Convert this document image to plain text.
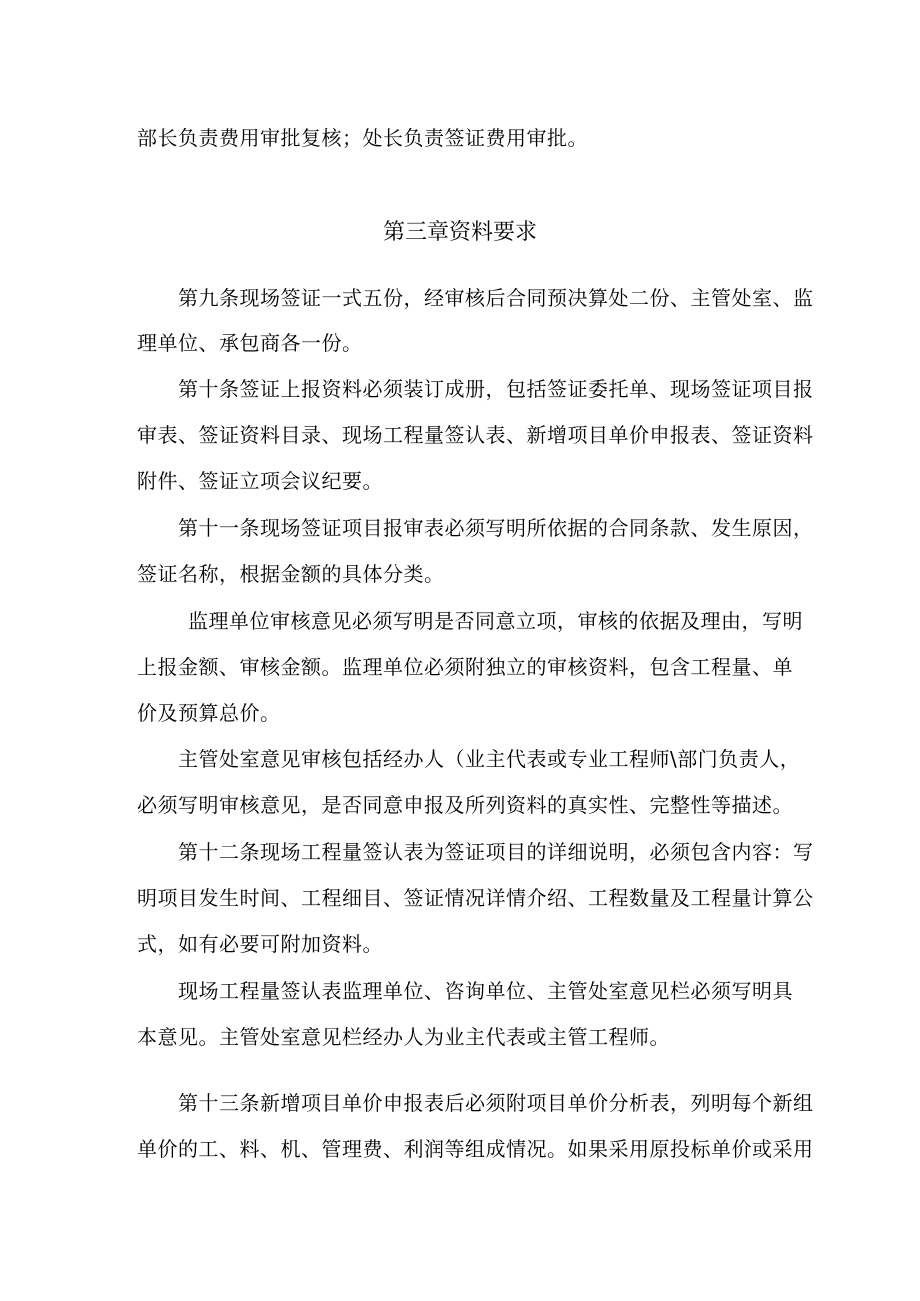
部长负责费用审批复核；处长负责签证费用审批。
第三章资料要求
第九条现场签证一式五份，经审核后合同预决算处二份、主管处室、监
理单位、承包商各一份。
第十条签证上报资料必须装订成册，包括签证委托单、现场签证项目报
审表、签证资料目录、现场工程量签认表、新增项目单价申报表、签证资料
附件、签证立项会议纪要。
第十一条现场签证项目报审表必须写明所依据的合同条款、发生原因，
签证名称，根据金额的具体分类。
监理单位审核意见必须写明是否同意立项，审核的依据及理由，写明
上报金额、审核金额。监理单位必须附独立的审核资料，包含工程量、单
价及预算总价。
主管处室意见审核包括经办人（业主代表或专业工程师\部门负责人，
必须写明审核意见，是否同意申报及所列资料的真实性、完整性等描述。
第十二条现场工程量签认表为签证项目的详细说明，必须包含内容：写
明项目发生时间、工程细目、签证情况详情介绍、工程数量及工程量计算公
式，如有必要可附加资料。
现场工程量签认表监理单位、咨询单位、主管处室意见栏必须写明具
本意见。主管处室意见栏经办人为业主代表或主管工程师。
第十三条新增项目单价申报表后必须附项目单价分析表，列明每个新组
单价的工、料、机、管理费、利润等组成情况。如果采用原投标单价或采用
